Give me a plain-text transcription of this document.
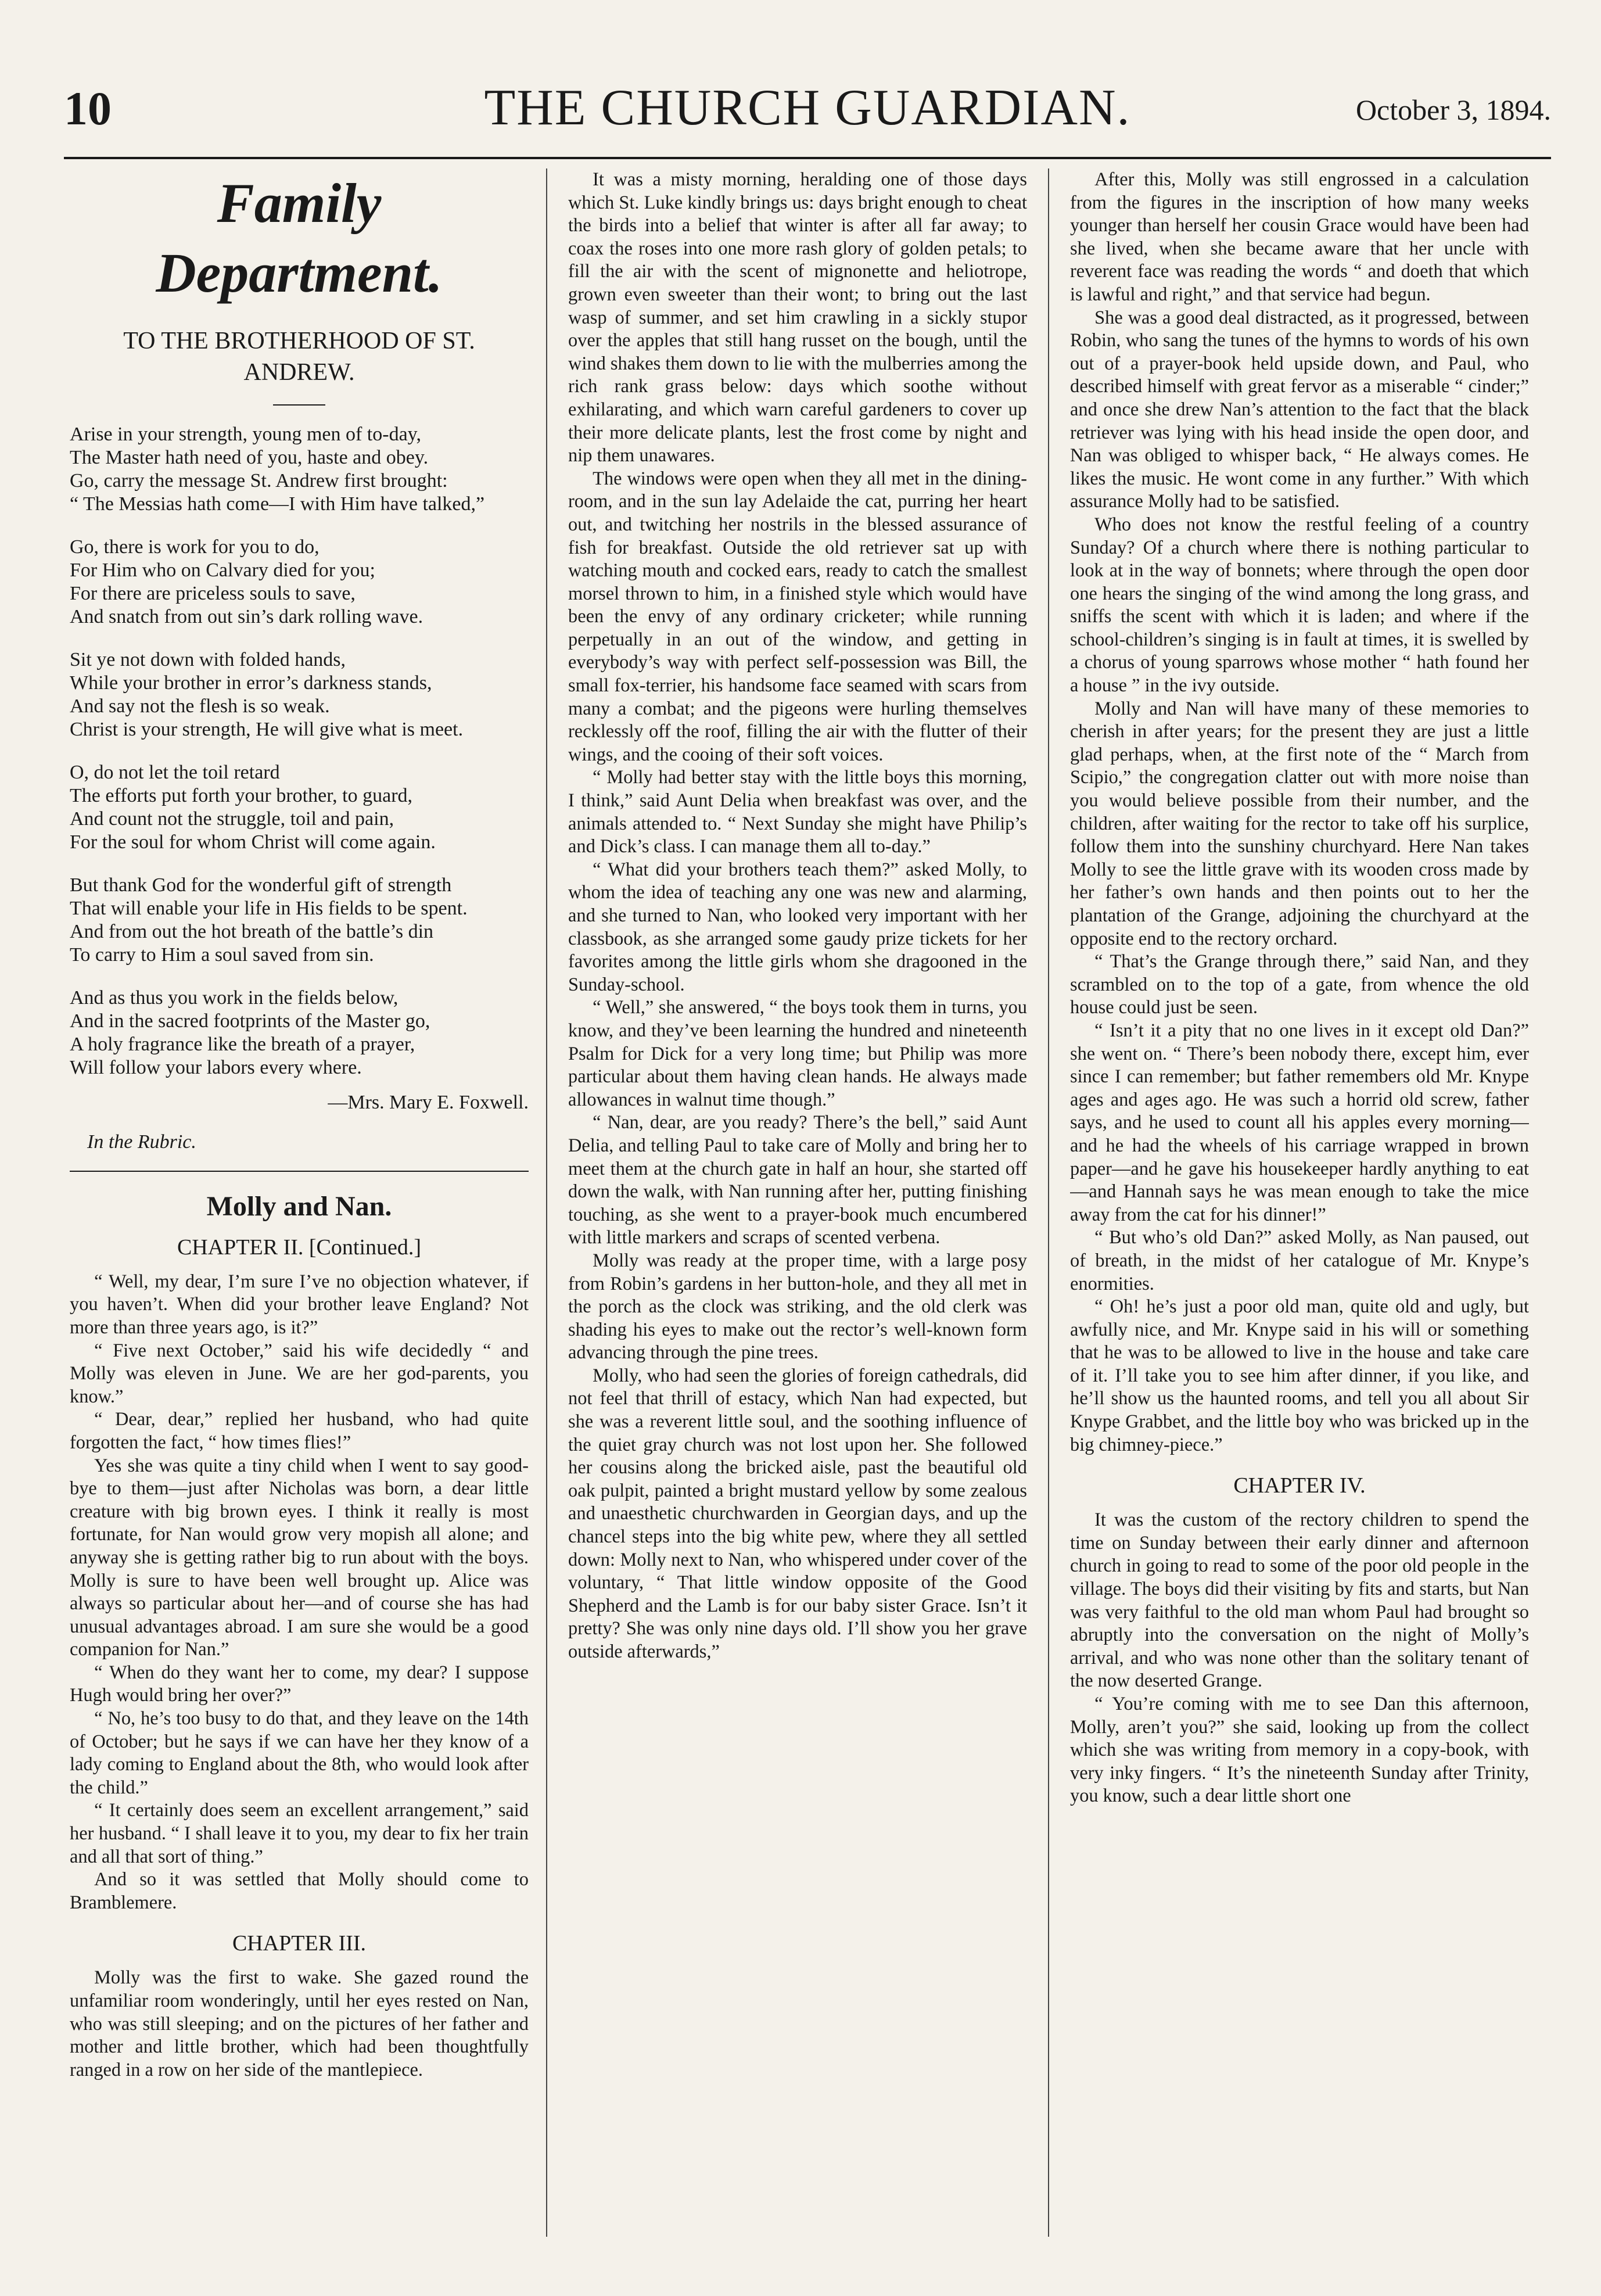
10	THE CHURCH GUARDIAN.	October 3, 1894.
Family Department.
TO THE BROTHERHOOD OF ST. ANDREW.
Arise in your strength, young men of to-day,
The Master hath need of you, haste and obey.
Go, carry the message St. Andrew first brought:
“ The Messias hath come—I with Him have talked,”
Go, there is work for you to do,
For Him who on Calvary died for you;
For there are priceless souls to save,
And snatch from out sin’s dark rolling wave.
Sit ye not down with folded hands,
While your brother in error’s darkness stands,
And say not the flesh is so weak.
Christ is your strength, He will give what is meet.
O, do not let the toil retard
The efforts put forth your brother, to guard,
And count not the struggle, toil and pain,
For the soul for whom Christ will come again.
But thank God for the wonderful gift of strength
That will enable your life in His fields to be spent.
And from out the hot breath of the battle’s din
To carry to Him a soul saved from sin.
And as thus you work in the fields below,
And in the sacred footprints of the Master go,
A holy fragrance like the breath of a prayer,
Will follow your labors every where.
—Mrs. Mary E. Foxwell.
In the Rubric.
Molly and Nan.
CHAPTER II. [Continued.]

“ Well, my dear, I’m sure I’ve no objection whatever, if you haven’t. When did your brother leave England? Not more than three years ago, is it?”

“ Five next October,” said his wife decidedly “ and Molly was eleven in June. We are her god-parents, you know.”

“ Dear, dear,” replied her husband, who had quite forgotten the fact, “ how times flies!”

Yes she was quite a tiny child when I went to say good-bye to them—just after Nicholas was born, a dear little creature with big brown eyes. I think it really is most fortunate, for Nan would grow very mopish all alone; and anyway she is getting rather big to run about with the boys. Molly is sure to have been well brought up. Alice was always so particular about her—and of course she has had unusual advantages abroad. I am sure she would be a good companion for Nan.”

“ When do they want her to come, my dear? I suppose Hugh would bring her over?”

“ No, he’s too busy to do that, and they leave on the 14th of October; but he says if we can have her they know of a lady coming to England about the 8th, who would look after the child.”

“ It certainly does seem an excellent arrangement,” said her husband. “ I shall leave it to you, my dear to fix her train and all that sort of thing.”

And so it was settled that Molly should come to Bramblemere.

CHAPTER III.

Molly was the first to wake. She gazed round the unfamiliar room wonderingly, until her eyes rested on Nan, who was still sleeping; and on the pictures of her father and mother and little brother, which had been thoughtfully ranged in a row on her side of the mantlepiece.

It was a misty morning, heralding one of those days which St. Luke kindly brings us: days bright enough to cheat the birds into a belief that winter is after all far away; to coax the roses into one more rash glory of golden petals; to fill the air with the scent of mignonette and heliotrope, grown even sweeter than their wont; to bring out the last wasp of summer, and set him crawling in a sickly stupor over the apples that still hang russet on the bough, until the wind shakes them down to lie with the mulberries among the rich rank grass below: days which soothe without exhilarating, and which warn careful gardeners to cover up their more delicate plants, lest the frost come by night and nip them unawares.

The windows were open when they all met in the dining-room, and in the sun lay Adelaide the cat, purring her heart out, and twitching her nostrils in the blessed assurance of fish for breakfast. Outside the old retriever sat up with watching mouth and cocked ears, ready to catch the smallest morsel thrown to him, in a finished style which would have been the envy of any ordinary cricketer; while running perpetually in an out of the window, and getting in everybody’s way with perfect self-possession was Bill, the small fox-terrier, his handsome face seamed with scars from many a combat; and the pigeons were hurling themselves recklessly off the roof, filling the air with the flutter of their wings, and the cooing of their soft voices.

“ Molly had better stay with the little boys this morning, I think,” said Aunt Delia when breakfast was over, and the animals attended to. “ Next Sunday she might have Philip’s and Dick’s class. I can manage them all to-day.”

“ What did your brothers teach them?” asked Molly, to whom the idea of teaching any one was new and alarming, and she turned to Nan, who looked very important with her classbook, as she arranged some gaudy prize tickets for her favorites among the little girls whom she dragooned in the Sunday-school.

“ Well,” she answered, “ the boys took them in turns, you know, and they’ve been learning the hundred and nineteenth Psalm for Dick for a very long time; but Philip was more particular about them having clean hands. He always made allowances in walnut time though.”

“ Nan, dear, are you ready? There’s the bell,” said Aunt Delia, and telling Paul to take care of Molly and bring her to meet them at the church gate in half an hour, she started off down the walk, with Nan running after her, putting finishing touching, as she went to a prayer-book much encumbered with little markers and scraps of scented verbena.

Molly was ready at the proper time, with a large posy from Robin’s gardens in her button-hole, and they all met in the porch as the clock was striking, and the old clerk was shading his eyes to make out the rector’s well-known form advancing through the pine trees.

Molly, who had seen the glories of foreign cathedrals, did not feel that thrill of estacy, which Nan had expected, but she was a reverent little soul, and the soothing influence of the quiet gray church was not lost upon her. She followed her cousins along the bricked aisle, past the beautiful old oak pulpit, painted a bright mustard yellow by some zealous and unaesthetic churchwarden in Georgian days, and up the chancel steps into the big white pew, where they all settled down: Molly next to Nan, who whispered under cover of the voluntary, “ That little window opposite of the Good Shepherd and the Lamb is for our baby sister Grace. Isn’t it pretty? She was only nine days old. I’ll show you her grave outside afterwards,”

After this, Molly was still engrossed in a calculation from the figures in the inscription of how many weeks younger than herself her cousin Grace would have been had she lived, when she became aware that her uncle with reverent face was reading the words “ and doeth that which is lawful and right,” and that service had begun.

She was a good deal distracted, as it progressed, between Robin, who sang the tunes of the hymns to words of his own out of a prayer-book held upside down, and Paul, who described himself with great fervor as a miserable “ cinder;” and once she drew Nan’s attention to the fact that the black retriever was lying with his head inside the open door, and Nan was obliged to whisper back, “ He always comes. He likes the music. He wont come in any further.” With which assurance Molly had to be satisfied.

Who does not know the restful feeling of a country Sunday? Of a church where there is nothing particular to look at in the way of bonnets; where through the open door one hears the singing of the wind among the long grass, and sniffs the scent with which it is laden; and where if the school-children’s singing is in fault at times, it is swelled by a chorus of young sparrows whose mother “ hath found her a house ” in the ivy outside.

Molly and Nan will have many of these memories to cherish in after years; for the present they are just a little glad perhaps, when, at the first note of the “ March from Scipio,” the congregation clatter out with more noise than you would believe possible from their number, and the children, after waiting for the rector to take off his surplice, follow them into the sunshiny churchyard. Here Nan takes Molly to see the little grave with its wooden cross made by her father’s own hands and then points out to her the plantation of the Grange, adjoining the churchyard at the opposite end to the rectory orchard.

“ That’s the Grange through there,” said Nan, and they scrambled on to the top of a gate, from whence the old house could just be seen.

“ Isn’t it a pity that no one lives in it except old Dan?” she went on. “ There’s been nobody there, except him, ever since I can remember; but father remembers old Mr. Knype ages and ages ago. He was such a horrid old screw, father says, and he used to count all his apples every morning—and he had the wheels of his carriage wrapped in brown paper—and he gave his housekeeper hardly anything to eat—and Hannah says he was mean enough to take the mice away from the cat for his dinner!”

“ But who’s old Dan?” asked Molly, as Nan paused, out of breath, in the midst of her catalogue of Mr. Knype’s enormities.

“ Oh! he’s just a poor old man, quite old and ugly, but awfully nice, and Mr. Knype said in his will or something that he was to be allowed to live in the house and take care of it. I’ll take you to see him after dinner, if you like, and he’ll show us the haunted rooms, and tell you all about Sir Knype Grabbet, and the little boy who was bricked up in the big chimney-piece.”

CHAPTER IV.

It was the custom of the rectory children to spend the time on Sunday between their early dinner and afternoon church in going to read to some of the poor old people in the village. The boys did their visiting by fits and starts, but Nan was very faithful to the old man whom Paul had brought so abruptly into the conversation on the night of Molly’s arrival, and who was none other than the solitary tenant of the now deserted Grange.

“ You’re coming with me to see Dan this afternoon, Molly, aren’t you?” she said, looking up from the collect which she was writing from memory in a copy-book, with very inky fingers. “ It’s the nineteenth Sunday after Trinity, you know, such a dear little short one
